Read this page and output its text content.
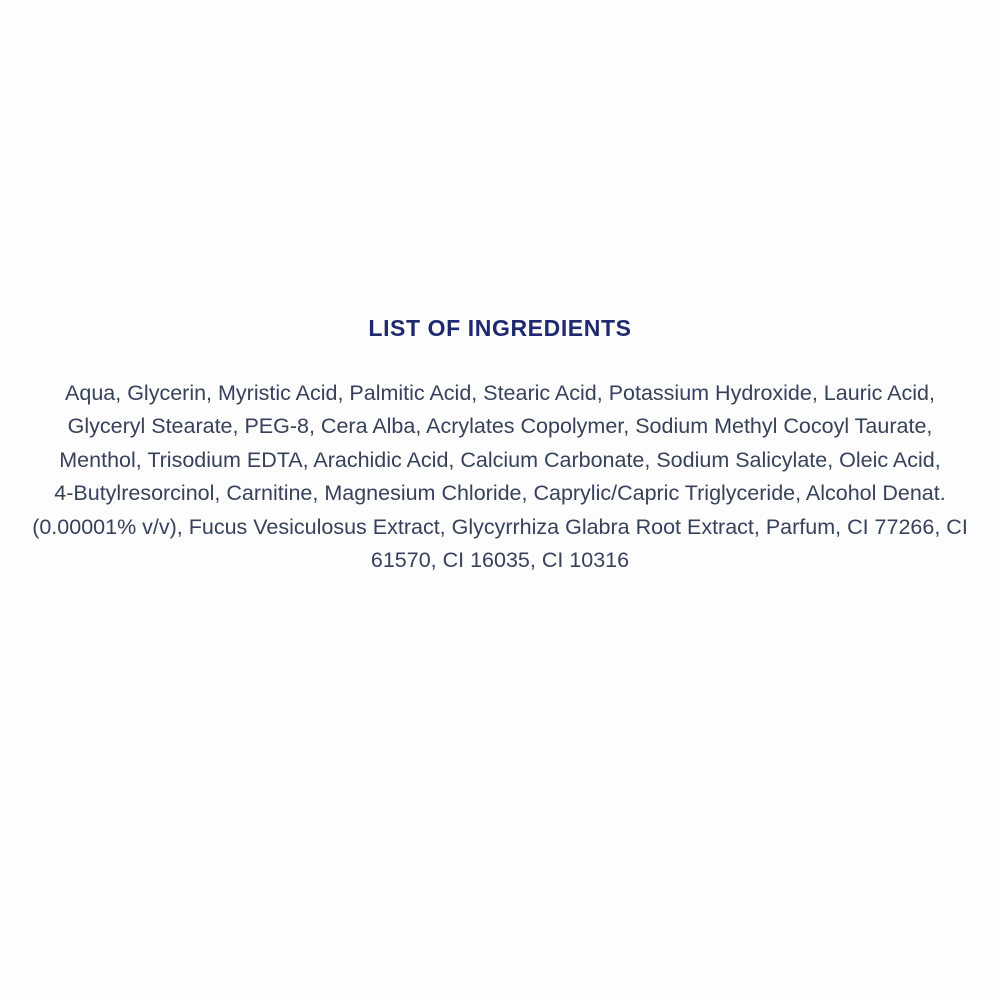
LIST OF INGREDIENTS
Aqua, Glycerin, Myristic Acid, Palmitic Acid, Stearic Acid, Potassium Hydroxide, Lauric Acid,
Glyceryl Stearate, PEG-8, Cera Alba, Acrylates Copolymer, Sodium Methyl Cocoyl Taurate,
Menthol, Trisodium EDTA, Arachidic Acid, Calcium Carbonate, Sodium Salicylate, Oleic Acid,
4-Butylresorcinol, Carnitine, Magnesium Chloride, Caprylic/Capric Triglyceride, Alcohol Denat.
(0.00001% v/v), Fucus Vesiculosus Extract, Glycyrrhiza Glabra Root Extract, Parfum, CI 77266, CI
61570, CI 16035, CI 10316
